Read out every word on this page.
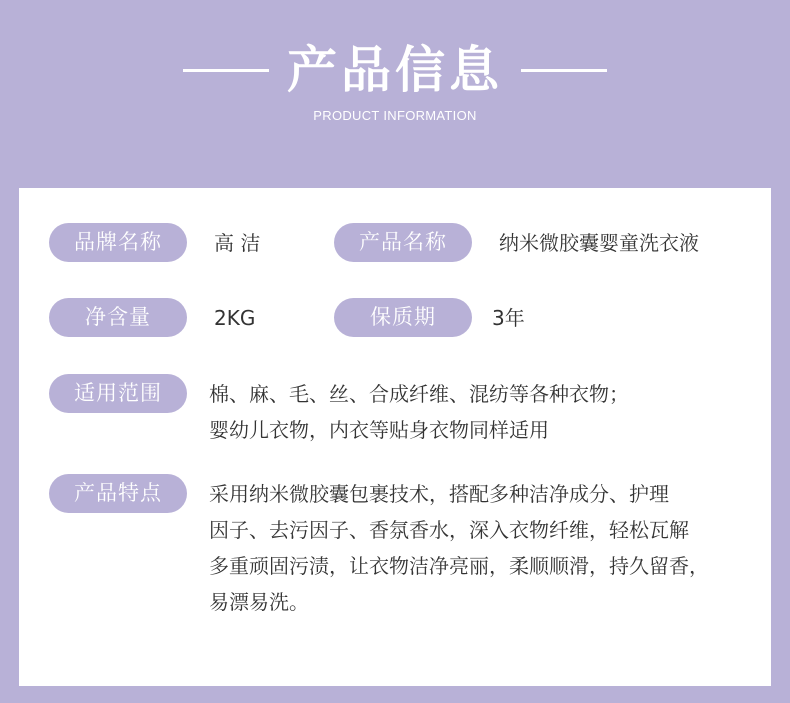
产品信息
PRODUCT INFORMATION
品牌名称	高 洁	产品名称	纳米微胶囊婴童洗衣液
净含量	2KG	保质期	3年
适用范围	棉、麻、毛、丝、合成纤维、混纺等各种衣物；
婴幼儿衣物，内衣等贴身衣物同样适用
产品特点	采用纳米微胶囊包裹技术，搭配多种洁净成分、护理
因子、去污因子、香氛香水，深入衣物纤维，轻松瓦解
多重顽固污渍，让衣物洁净亮丽，柔顺顺滑，持久留香，
易漂易洗。
